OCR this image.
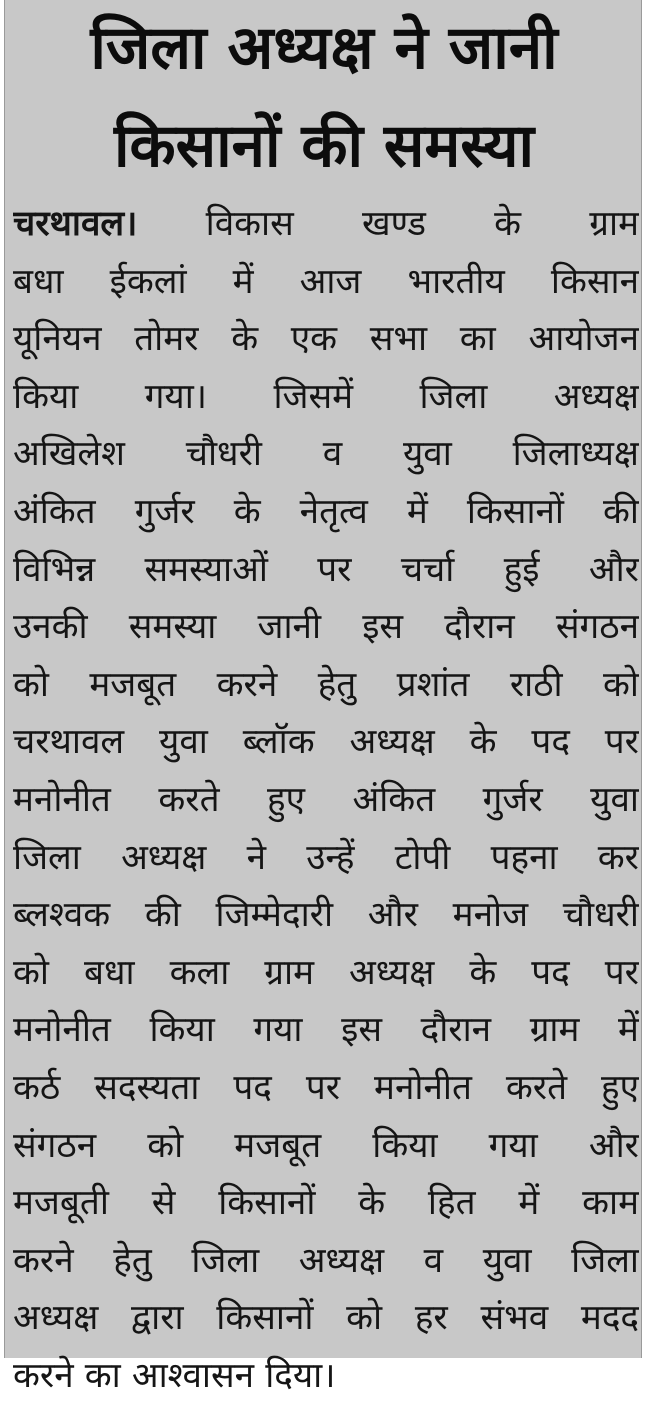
जिला अध्यक्ष ने जानी
किसानों की समस्या
चरथावल। विकास खण्ड के ग्राम
बधा ईकलां में आज भारतीय किसान
यूनियन तोमर के एक सभा का आयोजन
किया गया। जिसमें जिला अध्यक्ष
अखिलेश चौधरी व युवा जिलाध्यक्ष
अंकित गुर्जर के नेतृत्व में किसानों की
विभिन्न समस्याओं पर चर्चा हुई और
उनकी समस्या जानी इस दौरान संगठन
को मजबूत करने हेतु प्रशांत राठी को
चरथावल युवा ब्लॉक अध्यक्ष के पद पर
मनोनीत करते हुए अंकित गुर्जर युवा
जिला अध्यक्ष ने उन्हें टोपी पहना कर
ब्लश्वक की जिम्मेदारी और मनोज चौधरी
को बधा कला ग्राम अध्यक्ष के पद पर
मनोनीत किया गया इस दौरान ग्राम में
कर्ठ सदस्यता पद पर मनोनीत करते हुए
संगठन को मजबूत किया गया और
मजबूती से किसानों के हित में काम
करने हेतु जिला अध्यक्ष व युवा जिला
अध्यक्ष द्वारा किसानों को हर संभव मदद
करने का आश्वासन दिया।
